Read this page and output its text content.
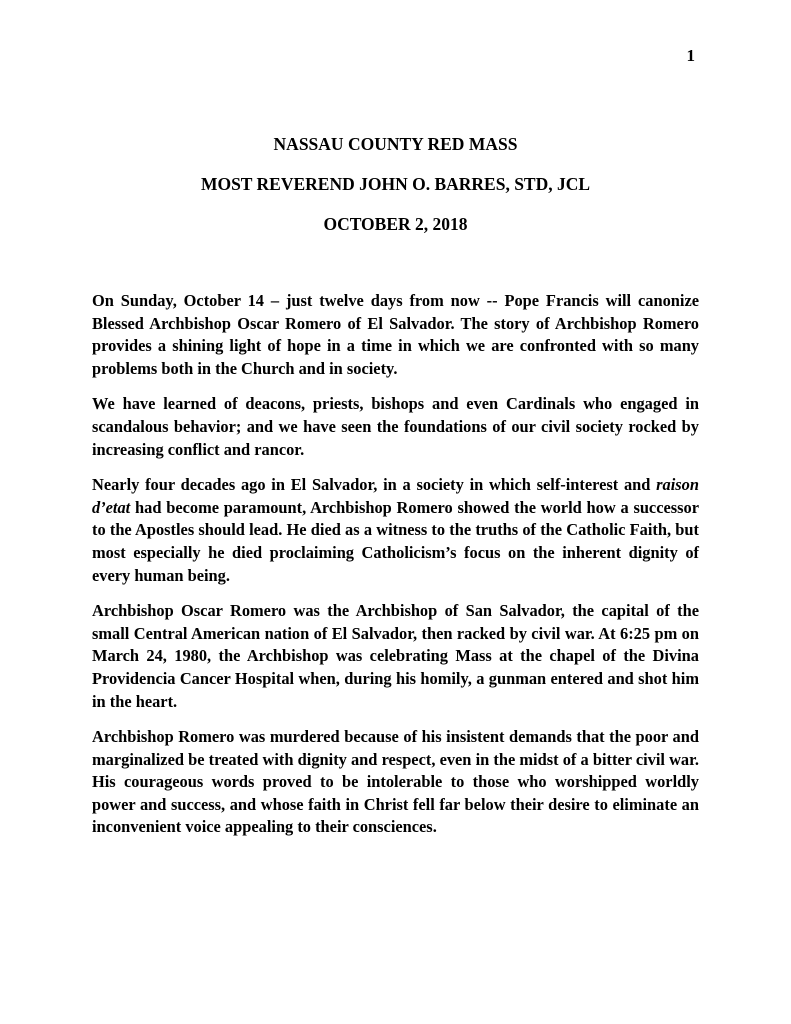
1
NASSAU COUNTY RED MASS
MOST REVEREND JOHN O. BARRES, STD, JCL
OCTOBER 2, 2018

On Sunday, October 14 – just twelve days from now -- Pope Francis will canonize Blessed Archbishop Oscar Romero of El Salvador. The story of Archbishop Romero provides a shining light of hope in a time in which we are confronted with so many problems both in the Church and in society.

We have learned of deacons, priests, bishops and even Cardinals who engaged in scandalous behavior; and we have seen the foundations of our civil society rocked by increasing conflict and rancor.

Nearly four decades ago in El Salvador, in a society in which self-interest and raison d’etat had become paramount, Archbishop Romero showed the world how a successor to the Apostles should lead. He died as a witness to the truths of the Catholic Faith, but most especially he died proclaiming Catholicism’s focus on the inherent dignity of every human being.

Archbishop Oscar Romero was the Archbishop of San Salvador, the capital of the small Central American nation of El Salvador, then racked by civil war. At 6:25 pm on March 24, 1980, the Archbishop was celebrating Mass at the chapel of the Divina Providencia Cancer Hospital when, during his homily, a gunman entered and shot him in the heart.

Archbishop Romero was murdered because of his insistent demands that the poor and marginalized be treated with dignity and respect, even in the midst of a bitter civil war. His courageous words proved to be intolerable to those who worshipped worldly power and success, and whose faith in Christ fell far below their desire to eliminate an inconvenient voice appealing to their consciences.
